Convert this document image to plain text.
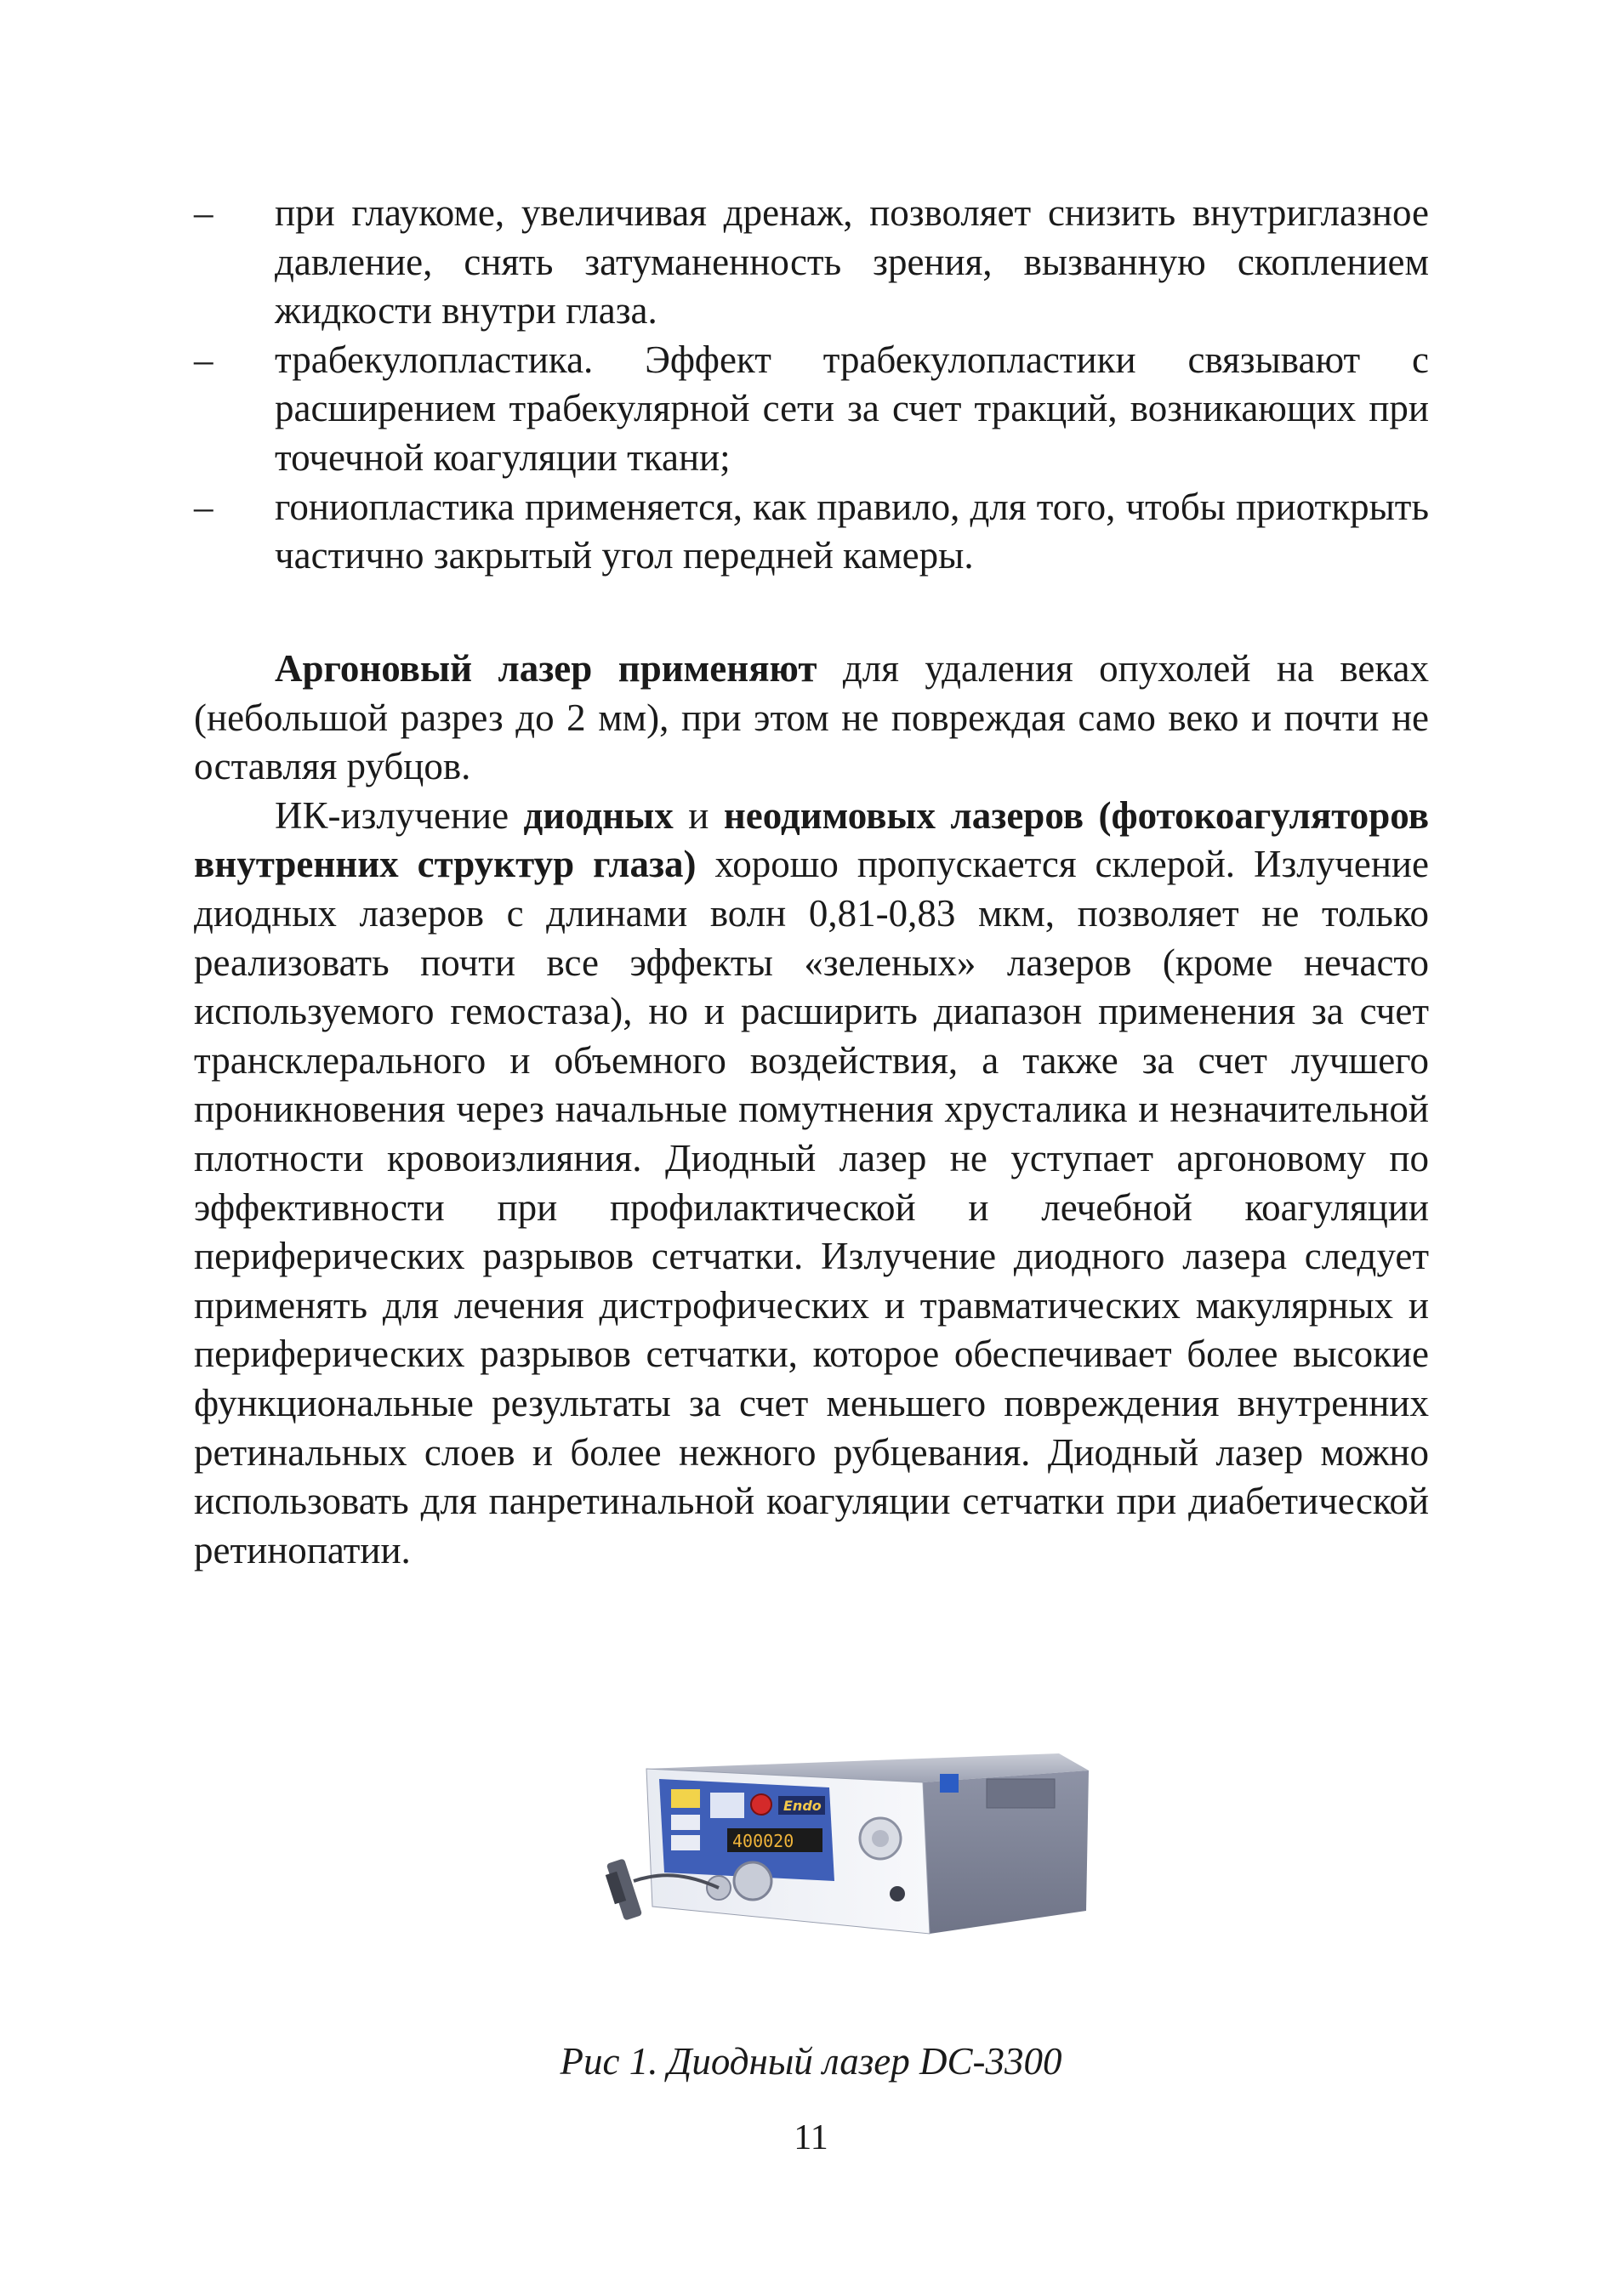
– при глаукоме, увеличивая дренаж, позволяет снизить внутриглазное давление, снять затуманенность зрения, вызванную скоплением жидкости внутри глаза.
– трабекулопластика. Эффект трабекулопластики связывают с расширением трабекулярной сети за счет тракций, возникающих при точечной коагуляции ткани;
– гониопластика применяется, как правило, для того, чтобы приоткрыть частично закрытый угол передней камеры.

Аргоновый лазер применяют для удаления опухолей на веках (небольшой разрез до 2 мм), при этом не повреждая само веко и почти не оставляя рубцов.

ИК-излучение диодных и неодимовых лазеров (фотокоагуляторов внутренних структур глаза) хорошо пропускается склерой. Излучение диодных лазеров с длинами волн 0,81-0,83 мкм, позволяет не только реализовать почти все эффекты «зеленых» лазеров (кроме нечасто используемого гемостаза), но и расширить диапазон применения за счет трансклерального и объемного воздействия, а также за счет лучшего проникновения через начальные помутнения хрусталика и незначительной плотности кровоизлияния. Диодный лазер не уступает аргоновому по эффективности при профилактической и лечебной коагуляции периферических разрывов сетчатки. Излучение диодного лазера следует применять для лечения дистрофических и травматических макулярных и периферических разрывов сетчатки, которое обеспечивает более высокие функциональные результаты за счет меньшего повреждения внутренних ретинальных слоев и более нежного рубцевания. Диодный лазер можно использовать для панретинальной коагуляции сетчатки при диабетической ретинопатии.

Endo
400020
Рис 1. Диодный лазер DC-3300
11
